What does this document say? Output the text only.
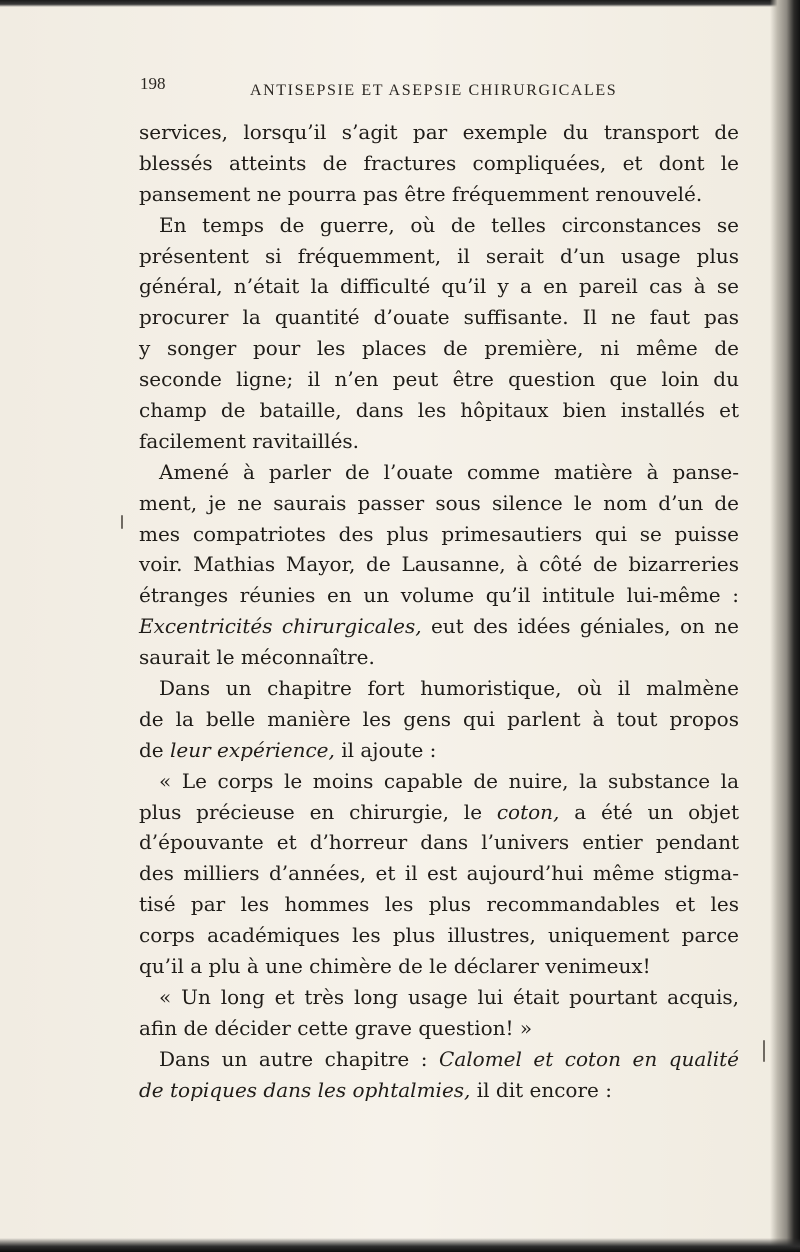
198	ANTISEPSIE ET ASEPSIE CHIRURGICALES
services, lorsqu’il s’agit par exemple du transport de
blessés atteints de fractures compliquées, et dont le
pansement ne pourra pas être fréquemment renouvelé.
En temps de guerre, où de telles circonstances se
présentent si fréquemment, il serait d’un usage plus
général, n’était la difficulté qu’il y a en pareil cas à se
procurer la quantité d’ouate suffisante. Il ne faut pas
y songer pour les places de première, ni même de
seconde ligne; il n’en peut être question que loin du
champ de bataille, dans les hôpitaux bien installés et
facilement ravitaillés.
Amené à parler de l’ouate comme matière à panse-
ment, je ne saurais passer sous silence le nom d’un de
mes compatriotes des plus primesautiers qui se puisse
voir. Mathias Mayor, de Lausanne, à côté de bizarreries
étranges réunies en un volume qu’il intitule lui-même :
Excentricités chirurgicales, eut des idées géniales, on ne
saurait le méconnaître.
Dans un chapitre fort humoristique, où il malmène
de la belle manière les gens qui parlent à tout propos
de leur expérience, il ajoute :
« Le corps le moins capable de nuire, la substance la
plus précieuse en chirurgie, le coton, a été un objet
d’épouvante et d’horreur dans l’univers entier pendant
des milliers d’années, et il est aujourd’hui même stigma-
tisé par les hommes les plus recommandables et les
corps académiques les plus illustres, uniquement parce
qu’il a plu à une chimère de le déclarer venimeux!
« Un long et très long usage lui était pourtant acquis,
afin de décider cette grave question! »
Dans un autre chapitre : Calomel et coton en qualité
de topiques dans les ophtalmies, il dit encore :
